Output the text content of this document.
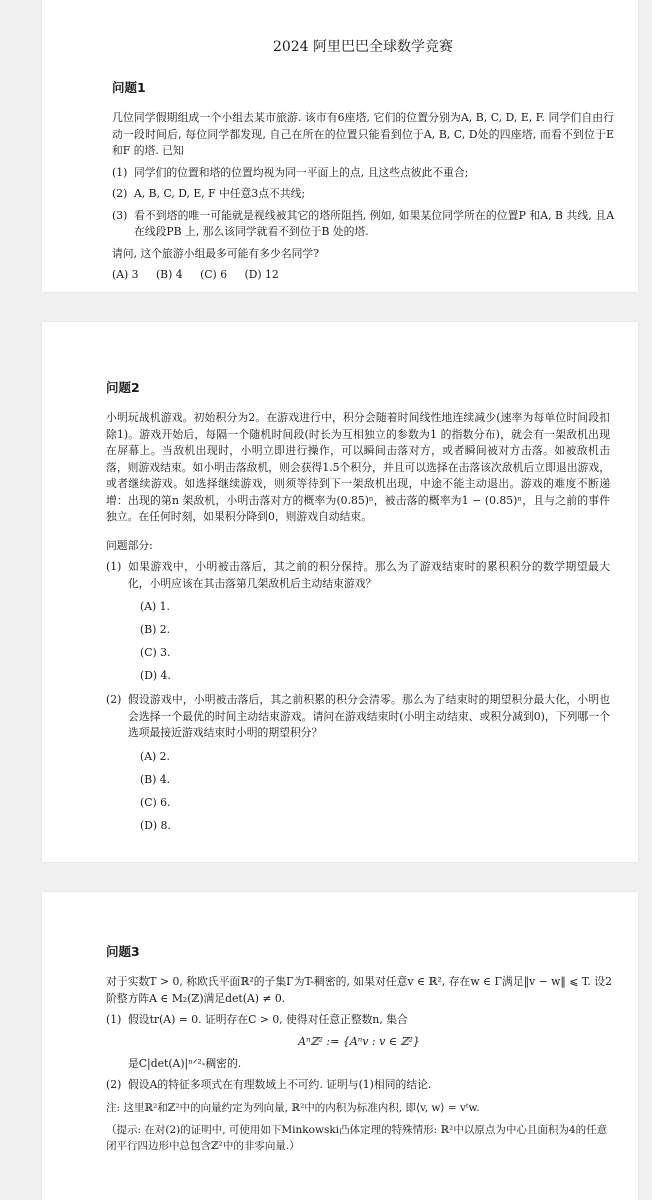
2024 阿里巴巴全球数学竞赛
问题1
几位同学假期组成一个小组去某市旅游. 该市有6座塔, 它们的位置分别为A, B, C, D, E, F. 同学们自由行动一段时间后, 每位同学都发现, 自己在所在的位置只能看到位于A, B, C, D处的四座塔, 而看不到位于E 和F 的塔. 已知
(1) 同学们的位置和塔的位置均视为同一平面上的点, 且这些点彼此不重合;
(2) A, B, C, D, E, F 中任意3点不共线;
(3) 看不到塔的唯一可能就是视线被其它的塔所阻挡, 例如, 如果某位同学所在的位置P 和A, B 共线, 且A 在线段PB 上, 那么该同学就看不到位于B 处的塔.
请问, 这个旅游小组最多可能有多少名同学?
(A) 3 (B) 4 (C) 6 (D) 12
问题2
小明玩战机游戏。初始积分为2。在游戏进行中，积分会随着时间线性地连续减少(速率为每单位时间段扣除1)。游戏开始后，每隔一个随机时间段(时长为互相独立的参数为1 的指数分布)，就会有一架敌机出现在屏幕上。当敌机出现时，小明立即进行操作，可以瞬间击落对方，或者瞬间被对方击落。如被敌机击落，则游戏结束。如小明击落敌机，则会获得1.5个积分，并且可以选择在击落该次敌机后立即退出游戏，或者继续游戏。如选择继续游戏，则须等待到下一架敌机出现，中途不能主动退出。游戏的难度不断递增：出现的第n 架敌机，小明击落对方的概率为(0.85)ⁿ，被击落的概率为1 − (0.85)ⁿ，且与之前的事件独立。在任何时刻，如果积分降到0，则游戏自动结束。
问题部分:
(1) 如果游戏中，小明被击落后，其之前的积分保持。那么为了游戏结束时的累积积分的数学期望最大化，小明应该在其击落第几架敌机后主动结束游戏？
(A) 1.
(B) 2.
(C) 3.
(D) 4.
(2) 假设游戏中，小明被击落后，其之前积累的积分会清零。那么为了结束时的期望积分最大化，小明也会选择一个最优的时间主动结束游戏。请问在游戏结束时(小明主动结束、或积分减到0)，下列哪一个选项最接近游戏结束时小明的期望积分？
(A) 2.
(B) 4.
(C) 6.
(D) 8.
问题3
对于实数T > 0, 称欧氏平面ℝ²的子集Γ为T-稠密的, 如果对任意v ∈ ℝ², 存在w ∈ Γ满足‖v − w‖ ⩽ T. 设2阶整方阵A ∈ M₂(ℤ)满足det(A) ≠ 0.
(1) 假设tr(A) = 0. 证明存在C > 0, 使得对任意正整数n, 集合
Aⁿℤ² := {Aⁿv : v ∈ ℤ²}
是C|det(A)|ⁿᐟ²-稠密的.
(2) 假设A的特征多项式在有理数域上不可约. 证明与(1)相同的结论.
注: 这里ℝ²和ℤ²中的向量约定为列向量, ℝ²中的内积为标准内积, 即⟨v, w⟩ = vᵗw.
（提示: 在对(2)的证明中, 可使用如下Minkowski凸体定理的特殊情形: ℝ²中以原点为中心且面积为4的任意闭平行四边形中总包含ℤ²中的非零向量.）
